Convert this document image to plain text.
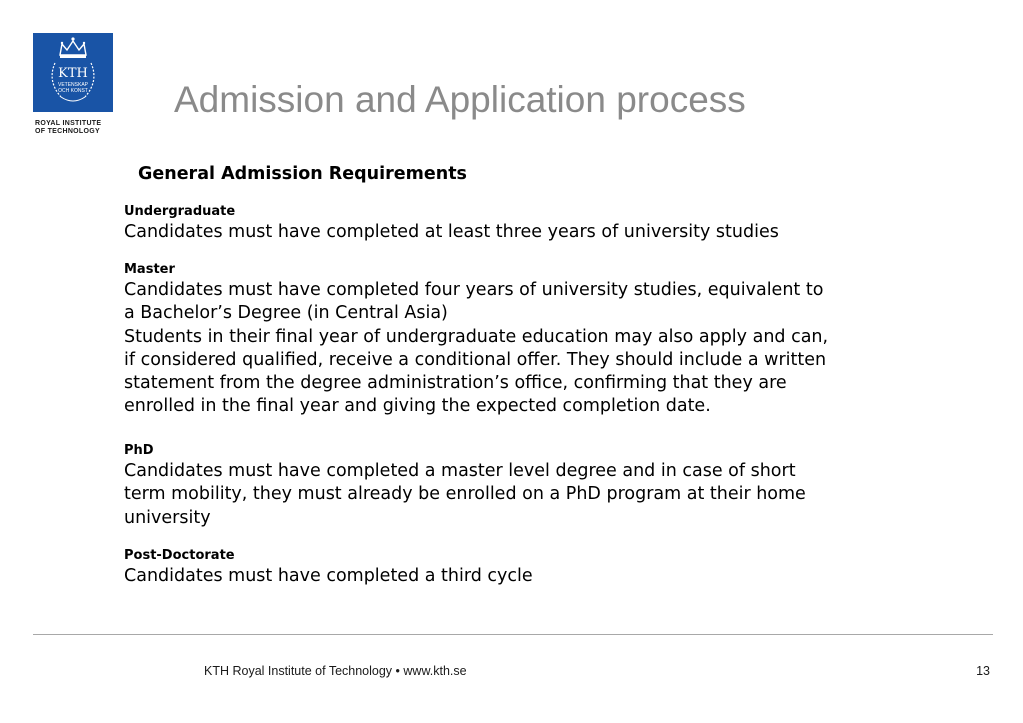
KTH
VETENSKAP
OCH KONST
ROYAL INSTITUTE
OF TECHNOLOGY
Admission and Application process
General Admission Requirements
Undergraduate

Candidates must have completed at least three years of university studies

Master

Candidates must have completed four years of university studies, equivalent to
a Bachelor’s Degree (in Central Asia)
Students in their final year of undergraduate education may also apply and can,
if considered qualified, receive a conditional offer. They should include a written
statement from the degree administration’s office, confirming that they are
enrolled in the final year and giving the expected completion date.

PhD

Candidates must have completed a master level degree and in case of short
term mobility, they must already be enrolled on a PhD program at their home
university

Post-Doctorate

Candidates must have completed a third cycle

KTH Royal Institute of Technology • www.kth.se	13
